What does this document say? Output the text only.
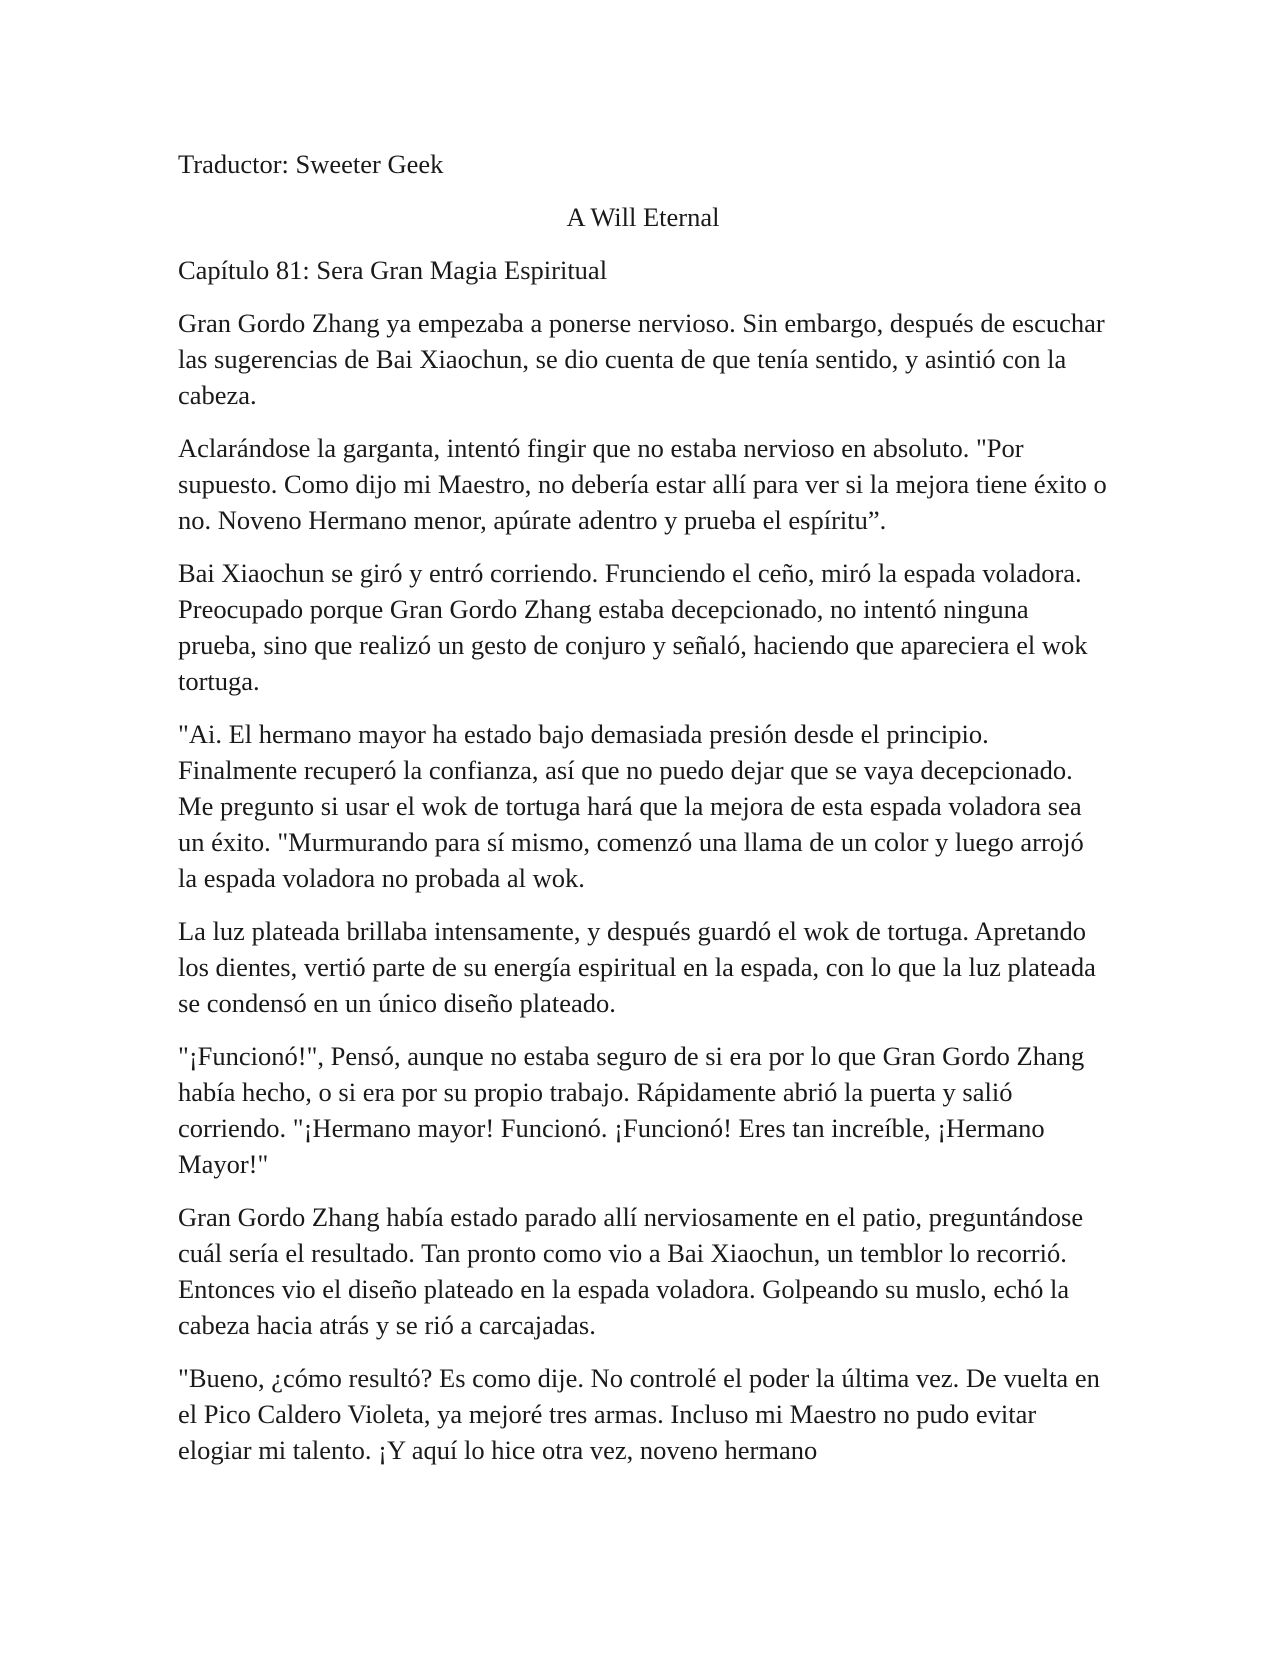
Traductor: Sweeter Geek
A Will Eternal
Capítulo 81: Sera Gran Magia Espiritual
Gran Gordo Zhang ya empezaba a ponerse nervioso. Sin embargo, después de escuchar las sugerencias de Bai Xiaochun, se dio cuenta de que tenía sentido, y asintió con la cabeza.
Aclarándose la garganta, intentó fingir que no estaba nervioso en absoluto. "Por supuesto. Como dijo mi Maestro, no debería estar allí para ver si la mejora tiene éxito o no. Noveno Hermano menor, apúrate adentro y prueba el espíritu”.
Bai Xiaochun se giró y entró corriendo. Frunciendo el ceño, miró la espada voladora. Preocupado porque Gran Gordo Zhang estaba decepcionado, no intentó ninguna prueba, sino que realizó un gesto de conjuro y señaló, haciendo que apareciera el wok tortuga.
"Ai. El hermano mayor ha estado bajo demasiada presión desde el principio. Finalmente recuperó la confianza, así que no puedo dejar que se vaya decepcionado. Me pregunto si usar el wok de tortuga hará que la mejora de esta espada voladora sea un éxito. "Murmurando para sí mismo, comenzó una llama de un color y luego arrojó la espada voladora no probada al wok.
La luz plateada brillaba intensamente, y después guardó el wok de tortuga. Apretando los dientes, vertió parte de su energía espiritual en la espada, con lo que la luz plateada se condensó en un único diseño plateado.
"¡Funcionó!", Pensó, aunque no estaba seguro de si era por lo que Gran Gordo Zhang había hecho, o si era por su propio trabajo. Rápidamente abrió la puerta y salió corriendo. "¡Hermano mayor! Funcionó. ¡Funcionó! Eres tan increíble, ¡Hermano Mayor!"
Gran Gordo Zhang había estado parado allí nerviosamente en el patio, preguntándose cuál sería el resultado. Tan pronto como vio a Bai Xiaochun, un temblor lo recorrió. Entonces vio el diseño plateado en la espada voladora. Golpeando su muslo, echó la cabeza hacia atrás y se rió a carcajadas.
"Bueno, ¿cómo resultó? Es como dije. No controlé el poder la última vez. De vuelta en el Pico Caldero Violeta, ya mejoré tres armas. Incluso mi Maestro no pudo evitar elogiar mi talento. ¡Y aquí lo hice otra vez, noveno hermano
